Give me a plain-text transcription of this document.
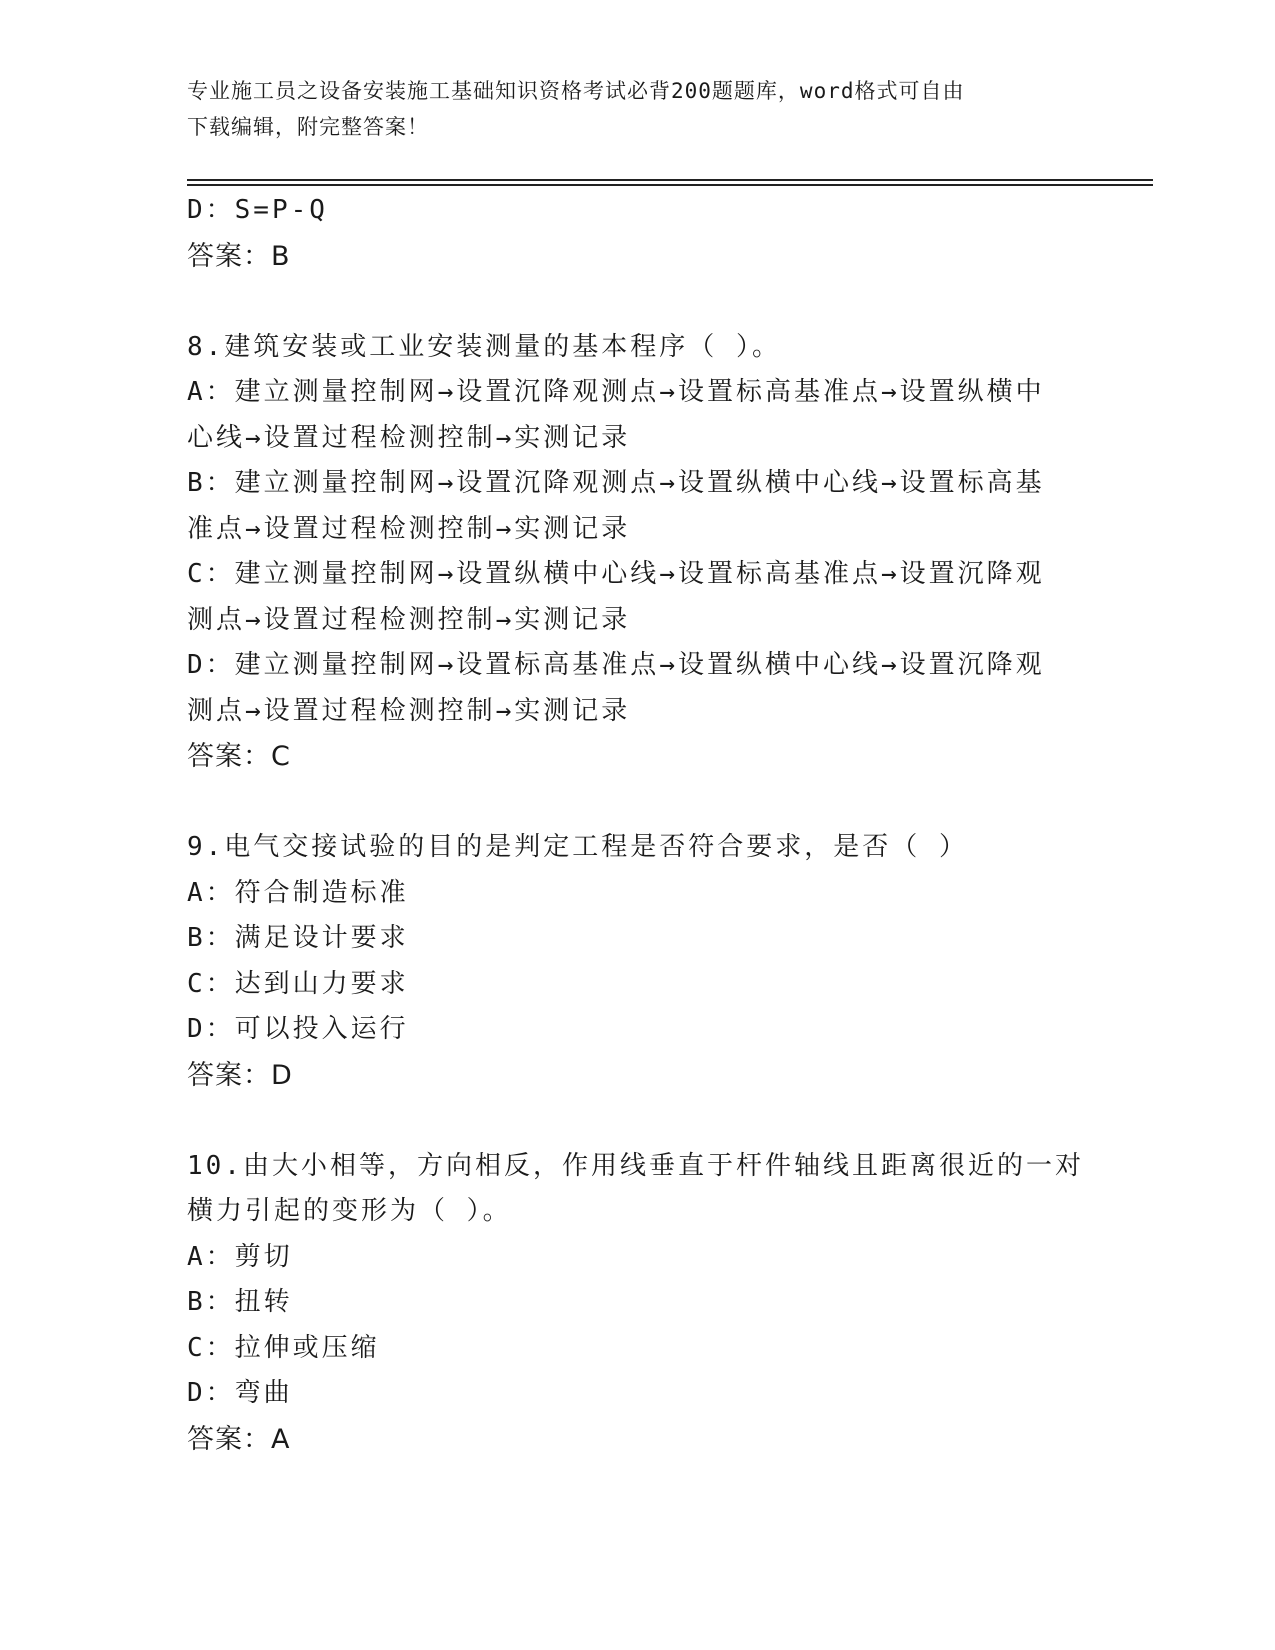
专业施工员之设备安装施工基础知识资格考试必背200题题库，word格式可自由
下载编辑，附完整答案！
D：S=P-Q
答案：B
8.建筑安装或工业安装测量的基本程序（ ）。
A：建立测量控制网→设置沉降观测点→设置标高基准点→设置纵横中
心线→设置过程检测控制→实测记录
B：建立测量控制网→设置沉降观测点→设置纵横中心线→设置标高基
准点→设置过程检测控制→实测记录
C：建立测量控制网→设置纵横中心线→设置标高基准点→设置沉降观
测点→设置过程检测控制→实测记录
D：建立测量控制网→设置标高基准点→设置纵横中心线→设置沉降观
测点→设置过程检测控制→实测记录
答案：C
9.电气交接试验的目的是判定工程是否符合要求，是否（ ）
A：符合制造标准
B：满足设计要求
C：达到山力要求
D：可以投入运行
答案：D
10.由大小相等，方向相反，作用线垂直于杆件轴线且距离很近的一对
横力引起的变形为（ ）。
A：剪切
B：扭转
C：拉伸或压缩
D：弯曲
答案：A
